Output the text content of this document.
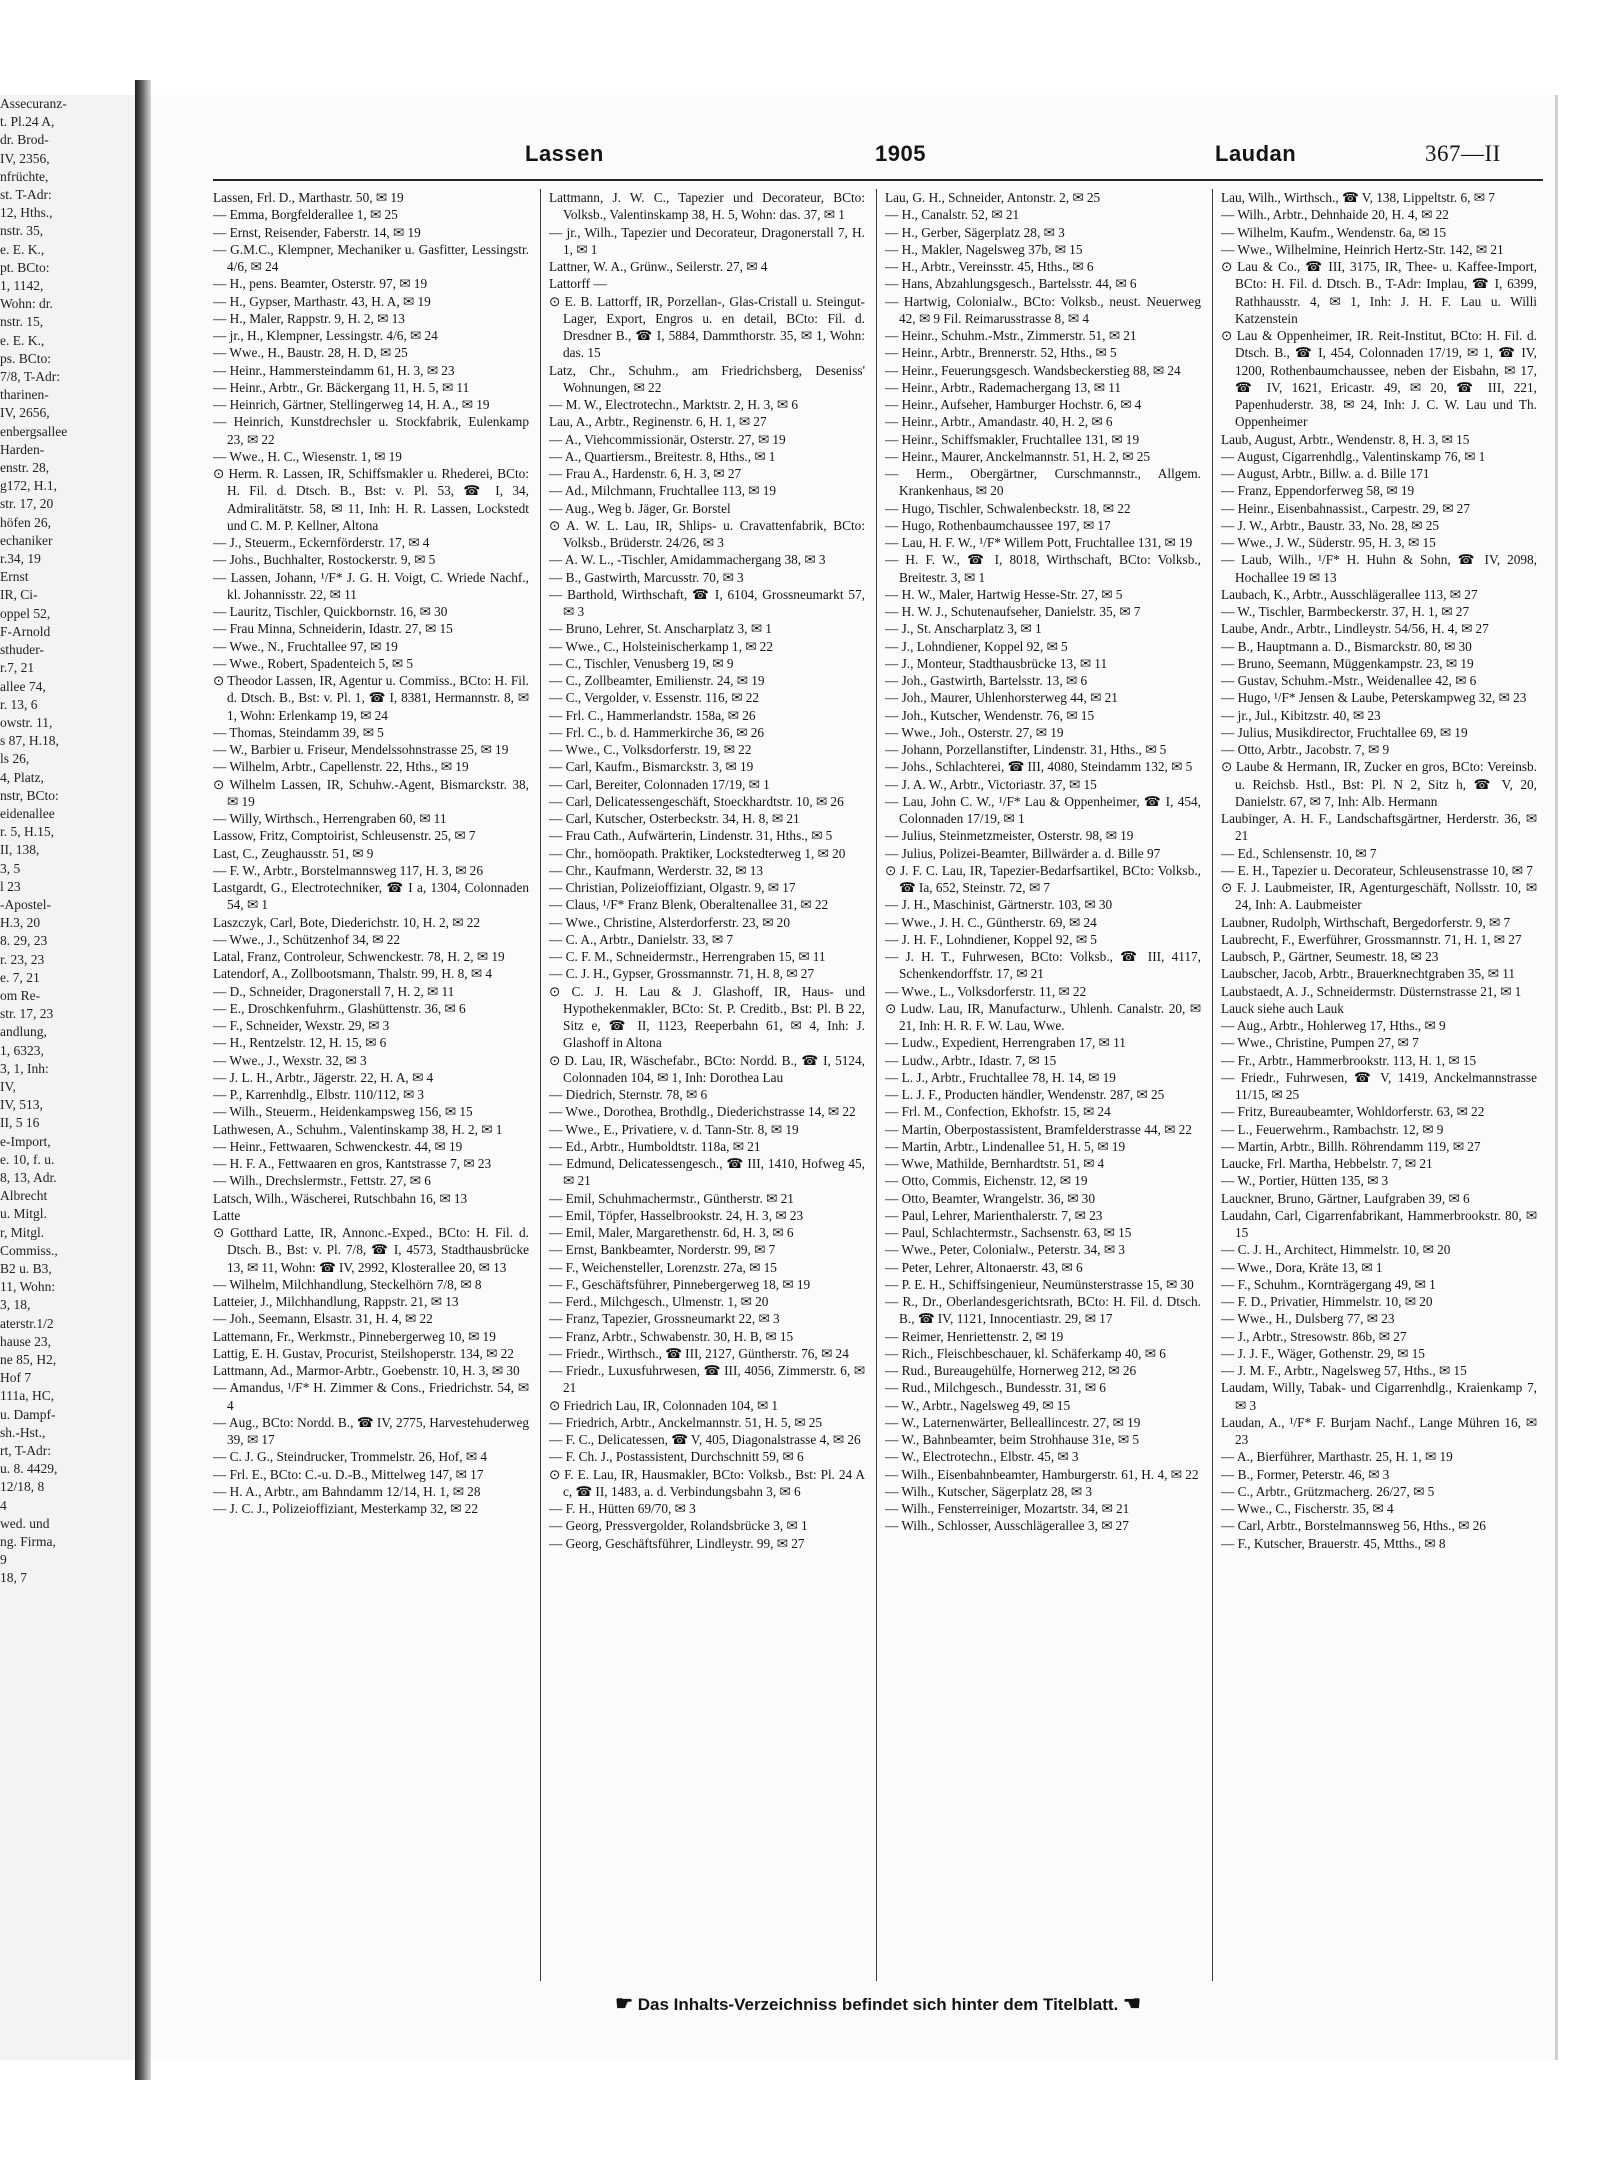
Assecuranz-
t. Pl.24 A,
dr. Brod-
IV, 2356,
nfrüchte,
st. T-Adr:
12, Hths.,
nstr. 35,
e. E. K.,
pt. BCto:
1, 1142,
Wohn: dr.
nstr. 15,
e. E. K.,
ps. BCto:
7/8, T-Adr:
tharinen-
IV, 2656,
enbergsallee
Harden-
enstr. 28,
g172, H.1,
str. 17, 20
höfen 26,
echaniker
r.34, 19
Ernst
IR, Ci-
oppel 52,
F-Arnold
sthuder-
r.7, 21
allee 74,
r. 13, 6
owstr. 11,
s 87, H.18,
ls 26,
4, Platz,
nstr, BCto:
eidenallee
r. 5, H.15,
II, 138,
3, 5
l 23
-Apostel-
H.3, 20
8. 29, 23
r. 23, 23
e. 7, 21
om Re-
str. 17, 23
andlung,
1, 6323,
3, 1, Inh:
IV,
IV, 513,
II, 5 16
e-Import,
e. 10, f. u.
8, 13, Adr.
Albrecht
u. Mitgl.
r, Mitgl.
Commiss.,
B2 u. B3,
11, Wohn:
3, 18,
aterstr.1/2
hause 23,
ne 85, H2,
Hof 7
111a, HC,
u. Dampf-
sh.-Hst.,
rt, T-Adr:
u. 8. 4429,
12/18, 8
4
wed. und
ng. Firma,
9
18, 7
Lassen	1905	Laudan	367—II
Lassen, Frl. D., Marthastr. 50, ✉ 19
— Emma, Borgfelderallee 1, ✉ 25
— Ernst, Reisender, Faberstr. 14, ✉ 19
— G.M.C., Klempner, Mechaniker u. Gasfitter, Lessingstr. 4/6, ✉ 24
— H., pens. Beamter, Osterstr. 97, ✉ 19
— H., Gypser, Marthastr. 43, H. A, ✉ 19
— H., Maler, Rappstr. 9, H. 2, ✉ 13
— jr., H., Klempner, Lessingstr. 4/6, ✉ 24
— Wwe., H., Baustr. 28, H. D, ✉ 25
— Heinr., Hammersteindamm 61, H. 3, ✉ 23
— Heinr., Arbtr., Gr. Bäckergang 11, H. 5, ✉ 11
— Heinrich, Gärtner, Stellingerweg 14, H. A., ✉ 19
— Heinrich, Kunstdrechsler u. Stockfabrik, Eulenkamp 23, ✉ 22
— Wwe., H. C., Wiesenstr. 1, ✉ 19
⊙ Herm. R. Lassen, IR, Schiffsmakler u. Rhederei, BCto: H. Fil. d. Dtsch. B., Bst: v. Pl. 53, ☎ I, 34, Admiralitätstr. 58, ✉ 11, Inh: H. R. Lassen, Lockstedt und C. M. P. Kellner, Altona
— J., Steuerm., Eckernförderstr. 17, ✉ 4
— Johs., Buchhalter, Rostockerstr. 9, ✉ 5
— Lassen, Johann, ¹/F* J. G. H. Voigt, C. Wriede Nachf., kl. Johannisstr. 22, ✉ 11
— Lauritz, Tischler, Quickbornstr. 16, ✉ 30
— Frau Minna, Schneiderin, Idastr. 27, ✉ 15
— Wwe., N., Fruchtallee 97, ✉ 19
— Wwe., Robert, Spadenteich 5, ✉ 5
⊙ Theodor Lassen, IR, Agentur u. Commiss., BCto: H. Fil. d. Dtsch. B., Bst: v. Pl. 1, ☎ I, 8381, Hermannstr. 8, ✉ 1, Wohn: Erlenkamp 19, ✉ 24
— Thomas, Steindamm 39, ✉ 5
— W., Barbier u. Friseur, Mendelssohnstrasse 25, ✉ 19
— Wilhelm, Arbtr., Capellenstr. 22, Hths., ✉ 19
⊙ Wilhelm Lassen, IR, Schuhw.-Agent, Bismarckstr. 38, ✉ 19
— Willy, Wirthsch., Herrengraben 60, ✉ 11
Lassow, Fritz, Comptoirist, Schleusenstr. 25, ✉ 7
Last, C., Zeughausstr. 51, ✉ 9
— F. W., Arbtr., Borstelmannsweg 117, H. 3, ✉ 26
Lastgardt, G., Electrotechniker, ☎ I a, 1304, Colonnaden 54, ✉ 1
Laszczyk, Carl, Bote, Diederichstr. 10, H. 2, ✉ 22
— Wwe., J., Schützenhof 34, ✉ 22
Latal, Franz, Controleur, Schwenckestr. 78, H. 2, ✉ 19
Latendorf, A., Zollbootsmann, Thalstr. 99, H. 8, ✉ 4
— D., Schneider, Dragonerstall 7, H. 2, ✉ 11
— E., Droschkenfuhrm., Glashüttenstr. 36, ✉ 6
— F., Schneider, Wexstr. 29, ✉ 3
— H., Rentzelstr. 12, H. 15, ✉ 6
— Wwe., J., Wexstr. 32, ✉ 3
— J. L. H., Arbtr., Jägerstr. 22, H. A, ✉ 4
— P., Karrenhdlg., Elbstr. 110/112, ✉ 3
— Wilh., Steuerm., Heidenkampsweg 156, ✉ 15
Lathwesen, A., Schuhm., Valentinskamp 38, H. 2, ✉ 1
— Heinr., Fettwaaren, Schwenckestr. 44, ✉ 19
— H. F. A., Fettwaaren en gros, Kantstrasse 7, ✉ 23
— Wilh., Drechslermstr., Fettstr. 27, ✉ 6
Latsch, Wilh., Wäscherei, Rutschbahn 16, ✉ 13
Latte
⊙ Gotthard Latte, IR, Annonc.-Exped., BCto: H. Fil. d. Dtsch. B., Bst: v. Pl. 7/8, ☎ I, 4573, Stadthausbrücke 13, ✉ 11, Wohn: ☎ IV, 2992, Klosterallee 20, ✉ 13
— Wilhelm, Milchhandlung, Steckelhörn 7/8, ✉ 8
Latteier, J., Milchhandlung, Rappstr. 21, ✉ 13
— Joh., Seemann, Elsastr. 31, H. 4, ✉ 22
Lattemann, Fr., Werkmstr., Pinnebergerweg 10, ✉ 19
Lattig, E. H. Gustav, Procurist, Steilshoperstr. 134, ✉ 22
Lattmann, Ad., Marmor-Arbtr., Goebenstr. 10, H. 3, ✉ 30
— Amandus, ¹/F* H. Zimmer & Cons., Friedrichstr. 54, ✉ 4
— Aug., BCto: Nordd. B., ☎ IV, 2775, Harvestehuderweg 39, ✉ 17
— C. J. G., Steindrucker, Trommelstr. 26, Hof, ✉ 4
— Frl. E., BCto: C.-u. D.-B., Mittelweg 147, ✉ 17
— H. A., Arbtr., am Bahndamm 12/14, H. 1, ✉ 28
— J. C. J., Polizeioffiziant, Mesterkamp 32, ✉ 22
Lattmann, J. W. C., Tapezier und Decorateur, BCto: Volksb., Valentinskamp 38, H. 5, Wohn: das. 37, ✉ 1
— jr., Wilh., Tapezier und Decorateur, Dragonerstall 7, H. 1, ✉ 1
Lattner, W. A., Grünw., Seilerstr. 27, ✉ 4
Lattorff —
⊙ E. B. Lattorff, IR, Porzellan-, Glas-Cristall u. Steingut-Lager, Export, Engros u. en detail, BCto: Fil. d. Dresdner B., ☎ I, 5884, Dammthorstr. 35, ✉ 1, Wohn: das. 15
Latz, Chr., Schuhm., am Friedrichsberg, Deseniss' Wohnungen, ✉ 22
— M. W., Electrotechn., Marktstr. 2, H. 3, ✉ 6
Lau, A., Arbtr., Reginenstr. 6, H. 1, ✉ 27
— A., Viehcommissionär, Osterstr. 27, ✉ 19
— A., Quartiersm., Breitestr. 8, Hths., ✉ 1
— Frau A., Hardenstr. 6, H. 3, ✉ 27
— Ad., Milchmann, Fruchtallee 113, ✉ 19
— Aug., Weg b. Jäger, Gr. Borstel
⊙ A. W. L. Lau, IR, Shlips- u. Cravattenfabrik, BCto: Volksb., Brüderstr. 24/26, ✉ 3
— A. W. L., -Tischler, Amidammachergang 38, ✉ 3
— B., Gastwirth, Marcusstr. 70, ✉ 3
— Barthold, Wirthschaft, ☎ I, 6104, Grossneumarkt 57, ✉ 3
— Bruno, Lehrer, St. Anscharplatz 3, ✉ 1
— Wwe., C., Holsteinischerkamp 1, ✉ 22
— C., Tischler, Venusberg 19, ✉ 9
— C., Zollbeamter, Emilienstr. 24, ✉ 19
— C., Vergolder, v. Essenstr. 116, ✉ 22
— Frl. C., Hammerlandstr. 158a, ✉ 26
— Frl. C., b. d. Hammerkirche 36, ✉ 26
— Wwe., C., Volksdorferstr. 19, ✉ 22
— Carl, Kaufm., Bismarckstr. 3, ✉ 19
— Carl, Bereiter, Colonnaden 17/19, ✉ 1
— Carl, Delicatessengeschäft, Stoeckhardtstr. 10, ✉ 26
— Carl, Kutscher, Osterbeckstr. 34, H. 8, ✉ 21
— Frau Cath., Aufwärterin, Lindenstr. 31, Hths., ✉ 5
— Chr., homöopath. Praktiker, Lockstedterweg 1, ✉ 20
— Chr., Kaufmann, Werderstr. 32, ✉ 13
— Christian, Polizeioffiziant, Olgastr. 9, ✉ 17
— Claus, ¹/F* Franz Blenk, Oberaltenallee 31, ✉ 22
— Wwe., Christine, Alsterdorferstr. 23, ✉ 20
— C. A., Arbtr., Danielstr. 33, ✉ 7
— C. F. M., Schneidermstr., Herrengraben 15, ✉ 11
— C. J. H., Gypser, Grossmannstr. 71, H. 8, ✉ 27
⊙ C. J. H. Lau & J. Glashoff, IR, Haus- und Hypothekenmakler, BCto: St. P. Creditb., Bst: Pl. B 22, Sitz e, ☎ II, 1123, Reeperbahn 61, ✉ 4, Inh: J. Glashoff in Altona
⊙ D. Lau, IR, Wäschefabr., BCto: Nordd. B., ☎ I, 5124, Colonnaden 104, ✉ 1, Inh: Dorothea Lau
— Diedrich, Sternstr. 78, ✉ 6
— Wwe., Dorothea, Brothdlg., Diederichstrasse 14, ✉ 22
— Wwe., E., Privatiere, v. d. Tann-Str. 8, ✉ 19
— Ed., Arbtr., Humboldtstr. 118a, ✉ 21
— Edmund, Delicatessengesch., ☎ III, 1410, Hofweg 45, ✉ 21
— Emil, Schuhmachermstr., Güntherstr. ✉ 21
— Emil, Töpfer, Hasselbrookstr. 24, H. 3, ✉ 23
— Emil, Maler, Margarethenstr. 6d, H. 3, ✉ 6
— Ernst, Bankbeamter, Norderstr. 99, ✉ 7
— F., Weichensteller, Lorenzstr. 27a, ✉ 15
— F., Geschäftsführer, Pinnebergerweg 18, ✉ 19
— Ferd., Milchgesch., Ulmenstr. 1, ✉ 20
— Franz, Tapezier, Grossneumarkt 22, ✉ 3
— Franz, Arbtr., Schwabenstr. 30, H. B, ✉ 15
— Friedr., Wirthsch., ☎ III, 2127, Güntherstr. 76, ✉ 24
— Friedr., Luxusfuhrwesen, ☎ III, 4056, Zimmerstr. 6, ✉ 21
⊙ Friedrich Lau, IR, Colonnaden 104, ✉ 1
— Friedrich, Arbtr., Anckelmannstr. 51, H. 5, ✉ 25
— F. C., Delicatessen, ☎ V, 405, Diagonalstrasse 4, ✉ 26
— F. Ch. J., Postassistent, Durchschnitt 59, ✉ 6
⊙ F. E. Lau, IR, Hausmakler, BCto: Volksb., Bst: Pl. 24 A c, ☎ II, 1483, a. d. Verbindungsbahn 3, ✉ 6
— F. H., Hütten 69/70, ✉ 3
— Georg, Pressvergolder, Rolandsbrücke 3, ✉ 1
— Georg, Geschäftsführer, Lindleystr. 99, ✉ 27
Lau, G. H., Schneider, Antonstr. 2, ✉ 25
— H., Canalstr. 52, ✉ 21
— H., Gerber, Sägerplatz 28, ✉ 3
— H., Makler, Nagelsweg 37b, ✉ 15
— H., Arbtr., Vereinsstr. 45, Hths., ✉ 6
— Hans, Abzahlungsgesch., Bartelsstr. 44, ✉ 6
— Hartwig, Colonialw., BCto: Volksb., neust. Neuerweg 42, ✉ 9 Fil. Reimarusstrasse 8, ✉ 4
— Heinr., Schuhm.-Mstr., Zimmerstr. 51, ✉ 21
— Heinr., Arbtr., Brennerstr. 52, Hths., ✉ 5
— Heinr., Feuerungsgesch. Wandsbeckerstieg 88, ✉ 24
— Heinr., Arbtr., Rademachergang 13, ✉ 11
— Heinr., Aufseher, Hamburger Hochstr. 6, ✉ 4
— Heinr., Arbtr., Amandastr. 40, H. 2, ✉ 6
— Heinr., Schiffsmakler, Fruchtallee 131, ✉ 19
— Heinr., Maurer, Anckelmannstr. 51, H. 2, ✉ 25
— Herm., Obergärtner, Curschmannstr., Allgem. Krankenhaus, ✉ 20
— Hugo, Tischler, Schwalenbeckstr. 18, ✉ 22
— Hugo, Rothenbaumchaussee 197, ✉ 17
— Lau, H. F. W., ¹/F* Willem Pott, Fruchtallee 131, ✉ 19
— H. F. W., ☎ I, 8018, Wirthschaft, BCto: Volksb., Breitestr. 3, ✉ 1
— H. W., Maler, Hartwig Hesse-Str. 27, ✉ 5
— H. W. J., Schutenaufseher, Danielstr. 35, ✉ 7
— J., St. Anscharplatz 3, ✉ 1
— J., Lohndiener, Koppel 92, ✉ 5
— J., Monteur, Stadthausbrücke 13, ✉ 11
— Joh., Gastwirth, Bartelsstr. 13, ✉ 6
— Joh., Maurer, Uhlenhorsterweg 44, ✉ 21
— Joh., Kutscher, Wendenstr. 76, ✉ 15
— Wwe., Joh., Osterstr. 27, ✉ 19
— Johann, Porzellanstifter, Lindenstr. 31, Hths., ✉ 5
— Johs., Schlachterei, ☎ III, 4080, Steindamm 132, ✉ 5
— J. A. W., Arbtr., Victoriastr. 37, ✉ 15
— Lau, John C. W., ¹/F* Lau & Oppenheimer, ☎ I, 454, Colonnaden 17/19, ✉ 1
— Julius, Steinmetzmeister, Osterstr. 98, ✉ 19
— Julius, Polizei-Beamter, Billwärder a. d. Bille 97
⊙ J. F. C. Lau, IR, Tapezier-Bedarfsartikel, BCto: Volksb., ☎ Ia, 652, Steinstr. 72, ✉ 7
— J. H., Maschinist, Gärtnerstr. 103, ✉ 30
— Wwe., J. H. C., Güntherstr. 69, ✉ 24
— J. H. F., Lohndiener, Koppel 92, ✉ 5
— J. H. T., Fuhrwesen, BCto: Volksb., ☎ III, 4117, Schenkendorffstr. 17, ✉ 21
— Wwe., L., Volksdorferstr. 11, ✉ 22
⊙ Ludw. Lau, IR, Manufacturw., Uhlenh. Canalstr. 20, ✉ 21, Inh: H. R. F. W. Lau, Wwe.
— Ludw., Expedient, Herrengraben 17, ✉ 11
— Ludw., Arbtr., Idastr. 7, ✉ 15
— L. J., Arbtr., Fruchtallee 78, H. 14, ✉ 19
— L. J. F., Producten händler, Wendenstr. 287, ✉ 25
— Frl. M., Confection, Ekhofstr. 15, ✉ 24
— Martin, Oberpostassistent, Bramfelderstrasse 44, ✉ 22
— Martin, Arbtr., Lindenallee 51, H. 5, ✉ 19
— Wwe, Mathilde, Bernhardtstr. 51, ✉ 4
— Otto, Commis, Eichenstr. 12, ✉ 19
— Otto, Beamter, Wrangelstr. 36, ✉ 30
— Paul, Lehrer, Marienthalerstr. 7, ✉ 23
— Paul, Schlachtermstr., Sachsenstr. 63, ✉ 15
— Wwe., Peter, Colonialw., Peterstr. 34, ✉ 3
— Peter, Lehrer, Altonaerstr. 43, ✉ 6
— P. E. H., Schiffsingenieur, Neumünsterstrasse 15, ✉ 30
— R., Dr., Oberlandesgerichtsrath, BCto: H. Fil. d. Dtsch. B., ☎ IV, 1121, Innocentiastr. 29, ✉ 17
— Reimer, Henriettenstr. 2, ✉ 19
— Rich., Fleischbeschauer, kl. Schäferkamp 40, ✉ 6
— Rud., Bureaugehülfe, Hornerweg 212, ✉ 26
— Rud., Milchgesch., Bundesstr. 31, ✉ 6
— W., Arbtr., Nagelsweg 49, ✉ 15
— W., Laternenwärter, Belleallincestr. 27, ✉ 19
— W., Bahnbeamter, beim Strohhause 31e, ✉ 5
— W., Electrotechn., Elbstr. 45, ✉ 3
— Wilh., Eisenbahnbeamter, Hamburgerstr. 61, H. 4, ✉ 22
— Wilh., Kutscher, Sägerplatz 28, ✉ 3
— Wilh., Fensterreiniger, Mozartstr. 34, ✉ 21
— Wilh., Schlosser, Ausschlägerallee 3, ✉ 27
Lau, Wilh., Wirthsch., ☎ V, 138, Lippeltstr. 6, ✉ 7
— Wilh., Arbtr., Dehnhaide 20, H. 4, ✉ 22
— Wilhelm, Kaufm., Wendenstr. 6a, ✉ 15
— Wwe., Wilhelmine, Heinrich Hertz-Str. 142, ✉ 21
⊙ Lau & Co., ☎ III, 3175, IR, Thee- u. Kaffee-Import, BCto: H. Fil. d. Dtsch. B., T-Adr: Implau, ☎ I, 6399, Rathhausstr. 4, ✉ 1, Inh: J. H. F. Lau u. Willi Katzenstein
⊙ Lau & Oppenheimer, IR. Reit-Institut, BCto: H. Fil. d. Dtsch. B., ☎ I, 454, Colonnaden 17/19, ✉ 1, ☎ IV, 1200, Rothenbaumchaussee, neben der Eisbahn, ✉ 17, ☎ IV, 1621, Ericastr. 49, ✉ 20, ☎ III, 221, Papenhuderstr. 38, ✉ 24, Inh: J. C. W. Lau und Th. Oppenheimer
Laub, August, Arbtr., Wendenstr. 8, H. 3, ✉ 15
— August, Cigarrenhdlg., Valentinskamp 76, ✉ 1
— August, Arbtr., Billw. a. d. Bille 171
— Franz, Eppendorferweg 58, ✉ 19
— Heinr., Eisenbahnassist., Carpestr. 29, ✉ 27
— J. W., Arbtr., Baustr. 33, No. 28, ✉ 25
— Wwe., J. W., Süderstr. 95, H. 3, ✉ 15
— Laub, Wilh., ¹/F* H. Huhn & Sohn, ☎ IV, 2098, Hochallee 19 ✉ 13
Laubach, K., Arbtr., Ausschlägerallee 113, ✉ 27
— W., Tischler, Barmbeckerstr. 37, H. 1, ✉ 27
Laube, Andr., Arbtr., Lindleystr. 54/56, H. 4, ✉ 27
— B., Hauptmann a. D., Bismarckstr. 80, ✉ 30
— Bruno, Seemann, Müggenkampstr. 23, ✉ 19
— Gustav, Schuhm.-Mstr., Weidenallee 42, ✉ 6
— Hugo, ¹/F* Jensen & Laube, Peterskampweg 32, ✉ 23
— jr., Jul., Kibitzstr. 40, ✉ 23
— Julius, Musikdirector, Fruchtallee 69, ✉ 19
— Otto, Arbtr., Jacobstr. 7, ✉ 9
⊙ Laube & Hermann, IR, Zucker en gros, BCto: Vereinsb. u. Reichsb. Hstl., Bst: Pl. N 2, Sitz h, ☎ V, 20, Danielstr. 67, ✉ 7, Inh: Alb. Hermann
Laubinger, A. H. F., Landschaftsgärtner, Herderstr. 36, ✉ 21
— Ed., Schlensenstr. 10, ✉ 7
— E. H., Tapezier u. Decorateur, Schleusenstrasse 10, ✉ 7
⊙ F. J. Laubmeister, IR, Agenturgeschäft, Nollsstr. 10, ✉ 24, Inh: A. Laubmeister
Laubner, Rudolph, Wirthschaft, Bergedorferstr. 9, ✉ 7
Laubrecht, F., Ewerführer, Grossmannstr. 71, H. 1, ✉ 27
Laubsch, P., Gärtner, Seumestr. 18, ✉ 23
Laubscher, Jacob, Arbtr., Brauerknechtgraben 35, ✉ 11
Laubstaedt, A. J., Schneidermstr. Düsternstrasse 21, ✉ 1
Lauck siehe auch Lauk
— Aug., Arbtr., Hohlerweg 17, Hths., ✉ 9
— Wwe., Christine, Pumpen 27, ✉ 7
— Fr., Arbtr., Hammerbrookstr. 113, H. 1, ✉ 15
— Friedr., Fuhrwesen, ☎ V, 1419, Anckelmannstrasse 11/15, ✉ 25
— Fritz, Bureaubeamter, Wohldorferstr. 63, ✉ 22
— L., Feuerwehrm., Rambachstr. 12, ✉ 9
— Martin, Arbtr., Billh. Röhrendamm 119, ✉ 27
Laucke, Frl. Martha, Hebbelstr. 7, ✉ 21
— W., Portier, Hütten 135, ✉ 3
Lauckner, Bruno, Gärtner, Laufgraben 39, ✉ 6
Laudahn, Carl, Cigarrenfabrikant, Hammerbrookstr. 80, ✉ 15
— C. J. H., Architect, Himmelstr. 10, ✉ 20
— Wwe., Dora, Kräte 13, ✉ 1
— F., Schuhm., Kornträgergang 49, ✉ 1
— F. D., Privatier, Himmelstr. 10, ✉ 20
— Wwe., H., Dulsberg 77, ✉ 23
— J., Arbtr., Stresowstr. 86b, ✉ 27
— J. J. F., Wäger, Gothenstr. 29, ✉ 15
— J. M. F., Arbtr., Nagelsweg 57, Hths., ✉ 15
Laudam, Willy, Tabak- und Cigarrenhdlg., Kraienkamp 7, ✉ 3
Laudan, A., ¹/F* F. Burjam Nachf., Lange Mühren 16, ✉ 23
— A., Bierführer, Marthastr. 25, H. 1, ✉ 19
— B., Former, Peterstr. 46, ✉ 3
— C., Arbtr., Grützmacherg. 26/27, ✉ 5
— Wwe., C., Fischerstr. 35, ✉ 4
— Carl, Arbtr., Borstelmannsweg 56, Hths., ✉ 26
— F., Kutscher, Brauerstr. 45, Mtths., ✉ 8
☛ Das Inhalts-Verzeichniss befindet sich hinter dem Titelblatt. ☚
